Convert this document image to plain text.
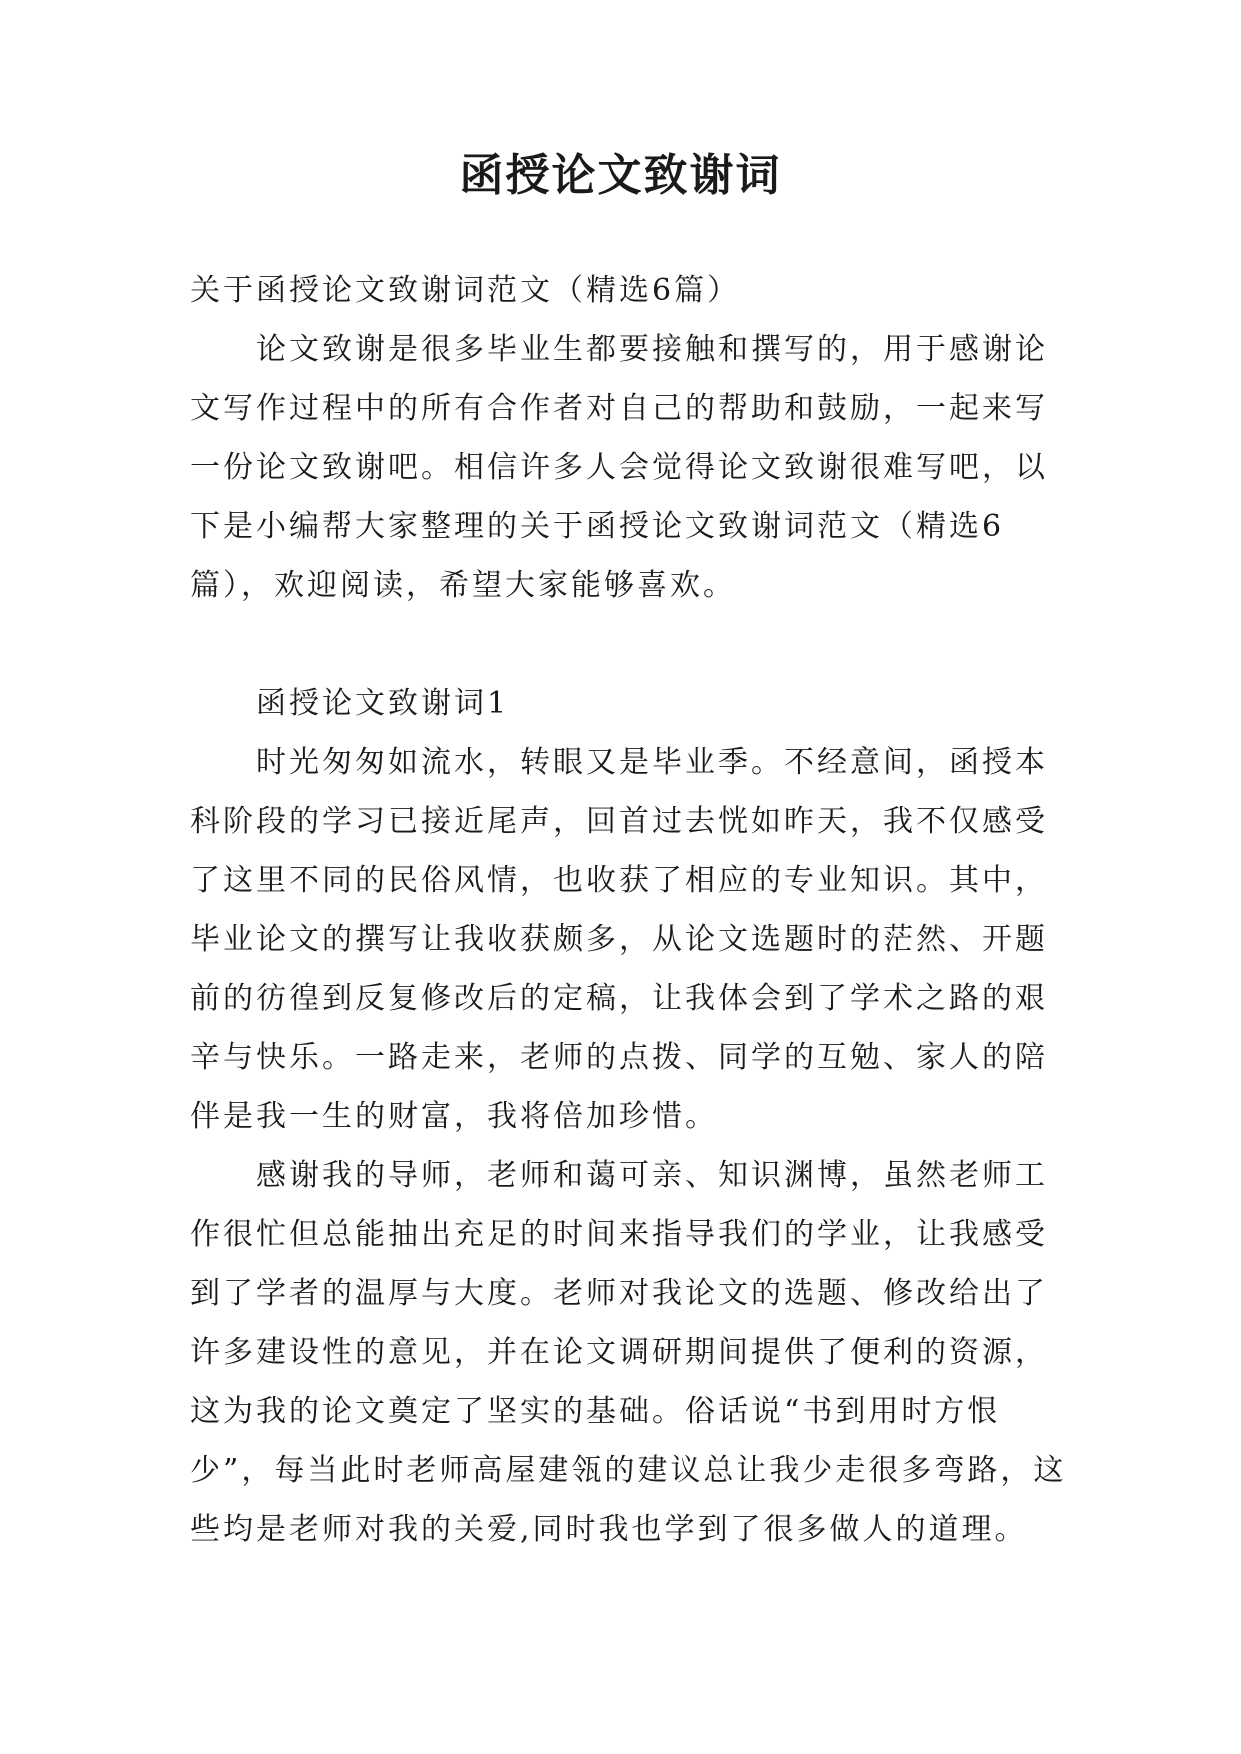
函授论文致谢词

关于函授论文致谢词范文（精选6篇）

论文致谢是很多毕业生都要接触和撰写的，用于感谢论文写作过程中的所有合作者对自己的帮助和鼓励，一起来写一份论文致谢吧。相信许多人会觉得论文致谢很难写吧，以下是小编帮大家整理的关于函授论文致谢词范文（精选6篇），欢迎阅读，希望大家能够喜欢。

函授论文致谢词1

时光匆匆如流水，转眼又是毕业季。不经意间，函授本科阶段的学习已接近尾声，回首过去恍如昨天，我不仅感受了这里不同的民俗风情，也收获了相应的专业知识。其中，毕业论文的撰写让我收获颇多，从论文选题时的茫然、开题前的彷徨到反复修改后的定稿，让我体会到了学术之路的艰辛与快乐。一路走来，老师的点拨、同学的互勉、家人的陪伴是我一生的财富，我将倍加珍惜。

感谢我的导师，老师和蔼可亲、知识渊博，虽然老师工作很忙但总能抽出充足的时间来指导我们的学业，让我感受到了学者的温厚与大度。老师对我论文的选题、修改给出了许多建设性的意见，并在论文调研期间提供了便利的资源，这为我的论文奠定了坚实的基础。俗话说“书到用时方恨少”，每当此时老师高屋建瓴的建议总让我少走很多弯路，这些均是老师对我的关爱,同时我也学到了很多做人的道理。
